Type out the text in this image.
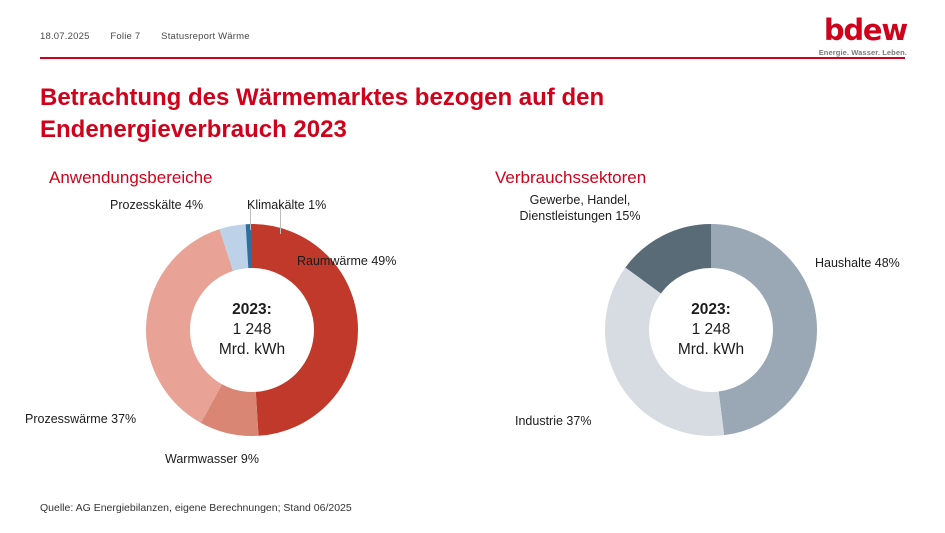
18.07.2025 Folie 7 Statusreport Wärme	bdew
Energie. Wasser. Leben.
Betrachtung des Wärmemarktes bezogen auf den Endenergieverbrauch 2023
Anwendungsbereiche
2023:
1 248
Mrd. kWh
Raumwärme 49%
Warmwasser 9%
Prozesswärme 37%
Prozesskälte 4%	Klimakälte 1%
Verbrauchssektoren
2023:
1 248
Mrd. kWh
Haushalte 48%
Industrie 37%
Gewerbe, Handel, Dienstleistungen 15%
Quelle: AG Energiebilanzen, eigene Berechnungen; Stand 06/2025
